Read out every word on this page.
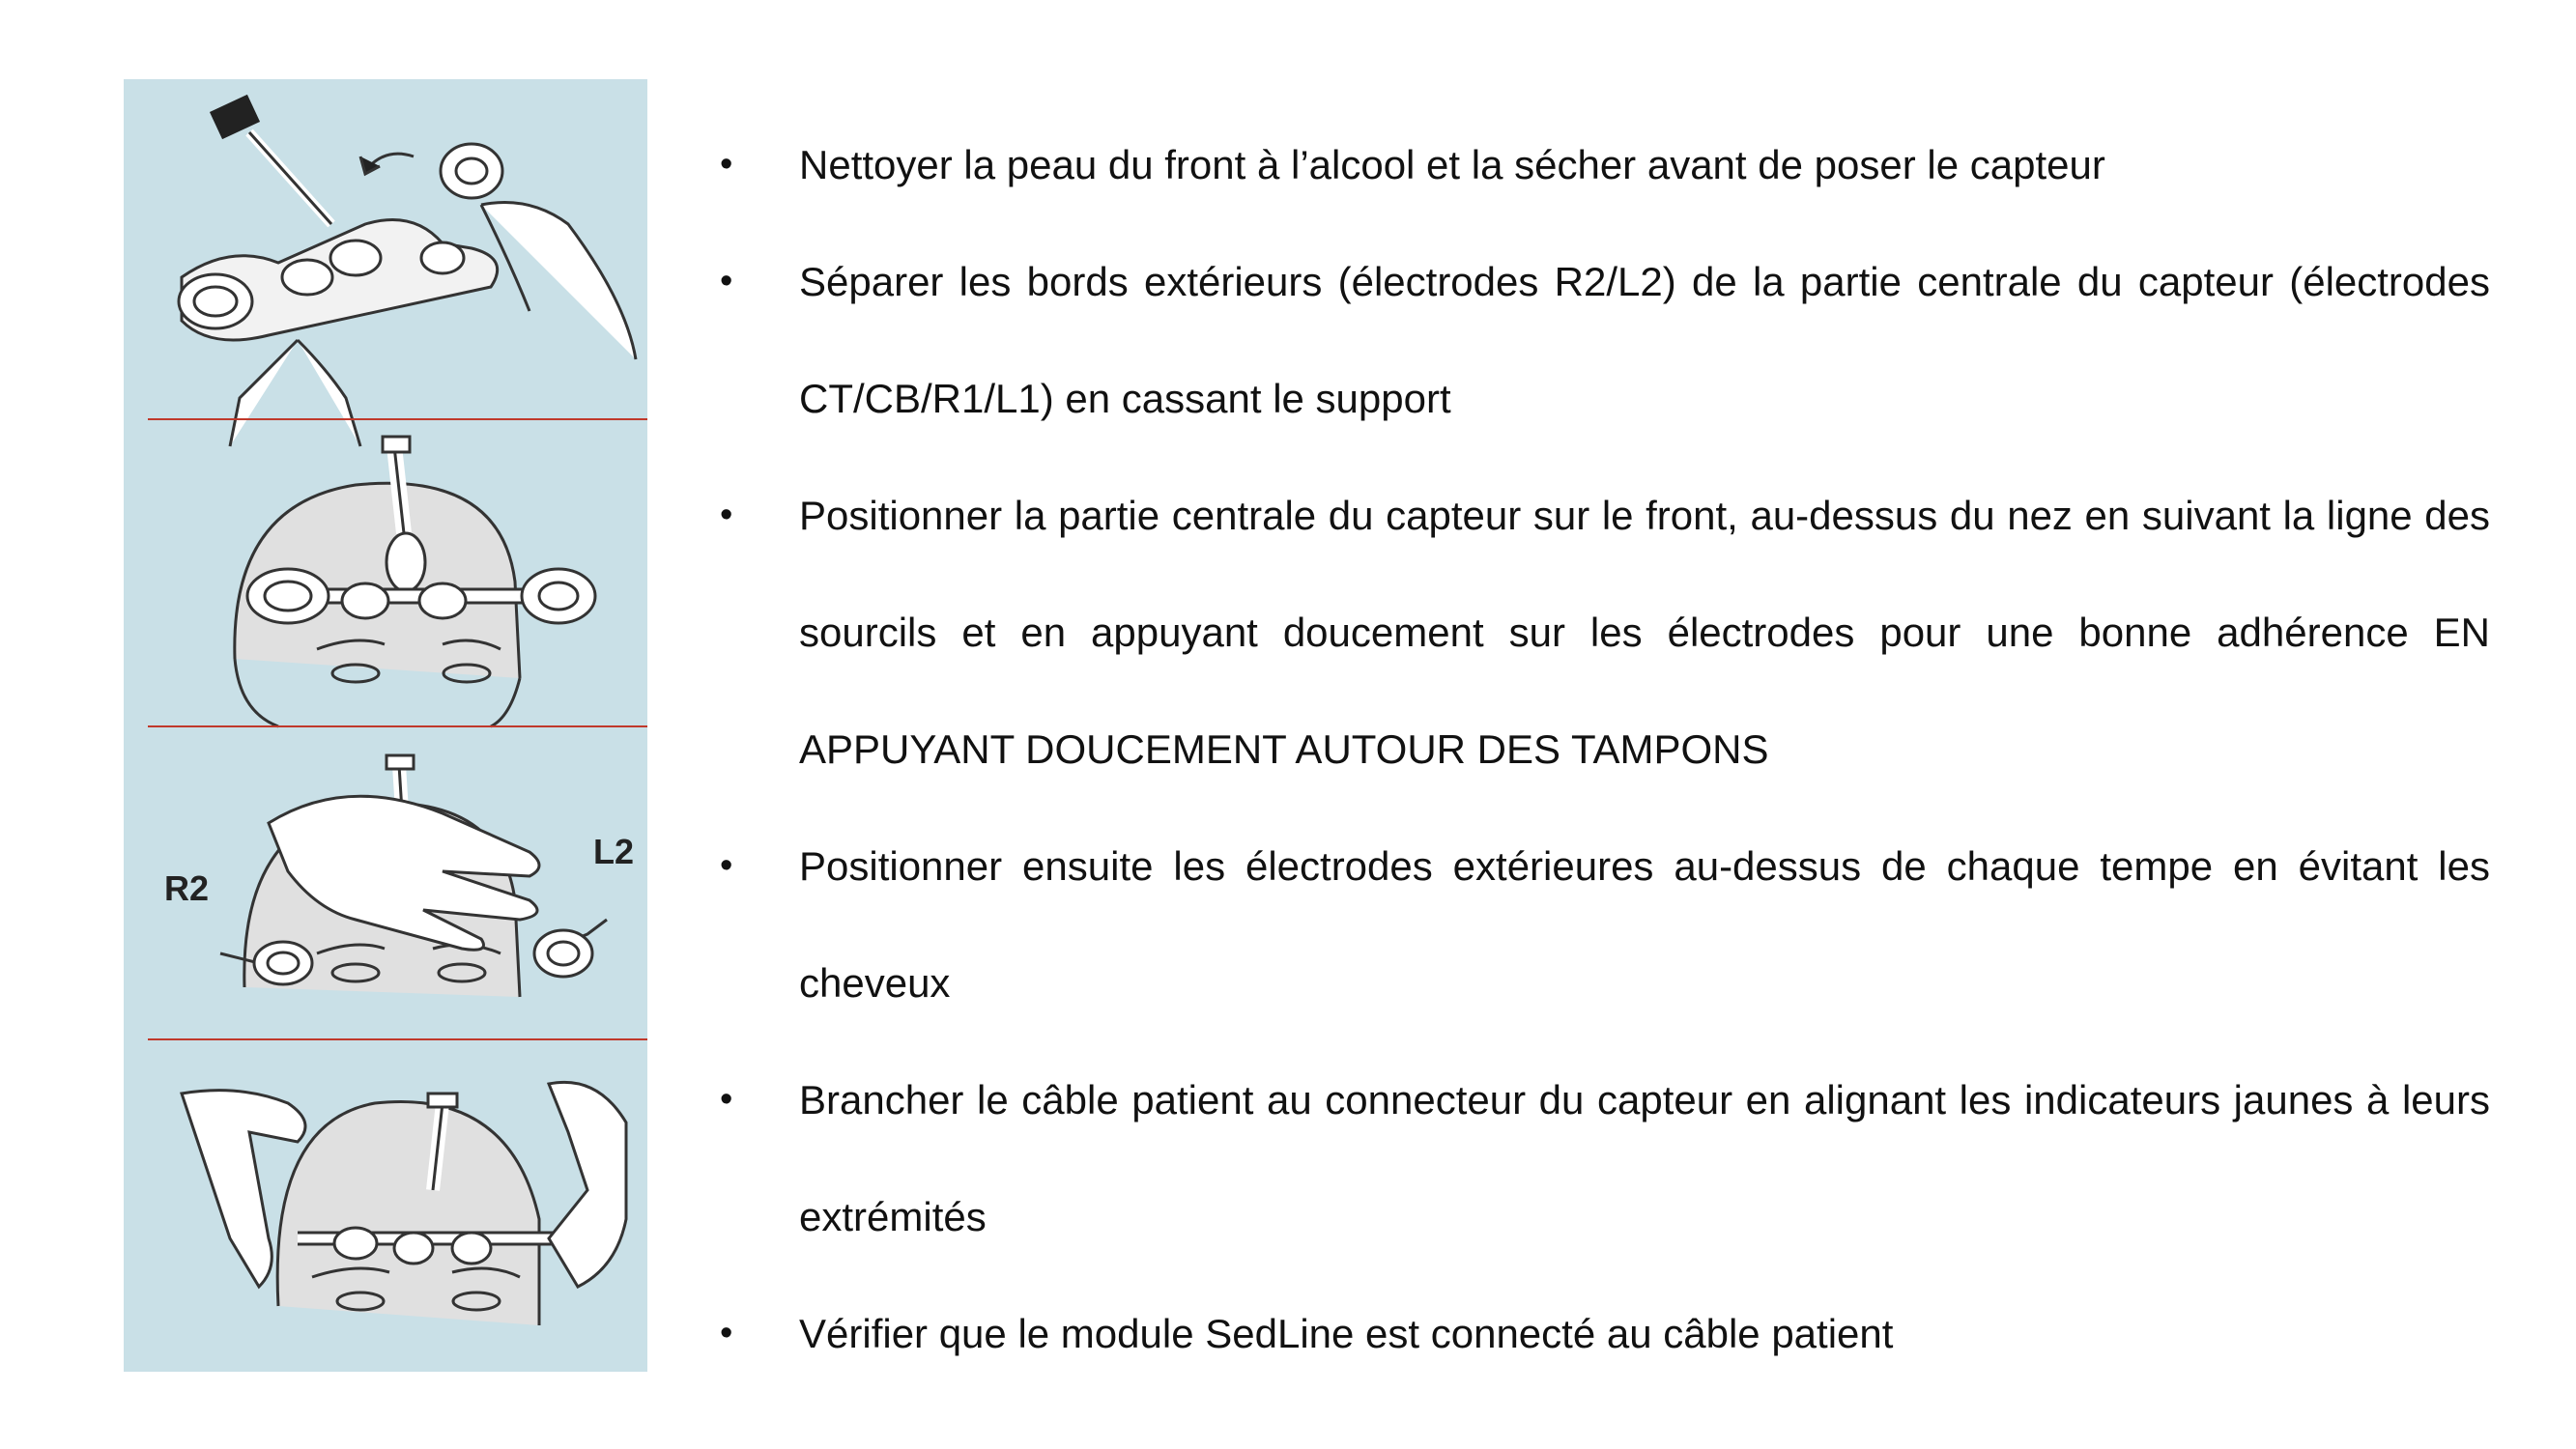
R2
L2
• Nettoyer la peau du front à l’alcool et la sécher avant de poser le capteur
• Séparer les bords extérieurs (électrodes R2/L2) de la partie centrale du capteur (électrodes CT/CB/R1/L1) en cassant le support
• Positionner la partie centrale du capteur sur le front, au-dessus du nez en suivant la ligne des sourcils et en appuyant doucement sur les électrodes pour une bonne adhérence EN APPUYANT DOUCEMENT AUTOUR DES TAMPONS
• Positionner ensuite les électrodes extérieures au-dessus de chaque tempe en évitant les cheveux
• Brancher le câble patient au connecteur du capteur en alignant les indicateurs jaunes à leurs extrémités
• Vérifier que le module SedLine est connecté au câble patient
